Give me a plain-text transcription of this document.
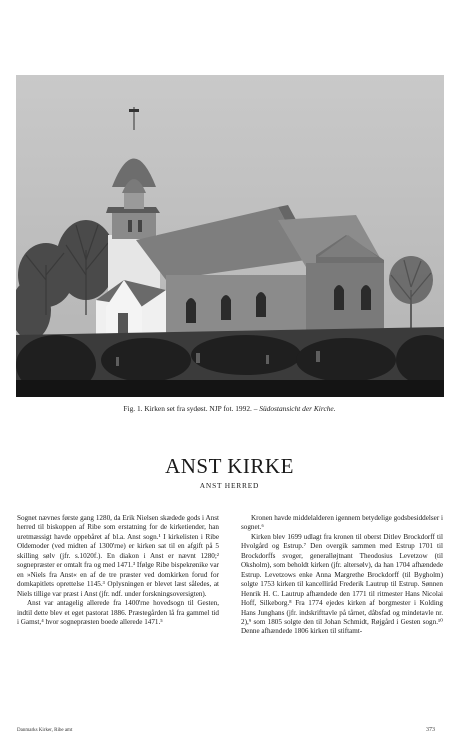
Fig. 1. Kirken set fra sydøst. NJP fot. 1992. – Südostansicht der Kirche.
ANST KIRKE
ANST HERRED

Sognet nævnes første gang 1280, da Erik Nielsen skædede gods i Anst herred til biskoppen af Ribe som erstatning for de kirketiender, han uretmæssigt havde oppebåret af bl.a. Anst sogn.¹ I kirkelisten i Ribe Oldemoder (ved midten af 1300'rne) er kirken sat til en afgift på 5 skilling sølv (jfr. s.1020f.). En diakon i Anst er nævnt 1280;² sognepræster er omtalt fra og med 1471.³ Ifølge Ribe bispekrønike var en »Niels fra Anst« en af de tre præster ved domkirken forud for domkapitlets oprettelse 1145.³ Oplysningen er blevet læst således, at Niels tillige var præst i Anst (jfr. ndf. under forskningsoversigten).

Anst var antagelig allerede fra 1400'rne hovedsogn til Gesten, indtil dette blev et eget pastorat 1886. Præstegården lå fra gammel tid i Gamst,⁴ hvor sognepræsten boede allerede 1471.⁵

Kronen havde middelalderen igennem betydelige godsbesiddelser i sognet.⁶

Kirken blev 1699 udlagt fra kronen til oberst Ditlev Brockdorff til Hvolgård og Estrup.⁷ Den overgik sammen med Estrup 1701 til Brockdorffs svoger, generalløjtnant Theodosius Levetzow (til Oksholm), som beholdt kirken (jfr. altersølv), da han 1704 afhændede Estrup. Levetzows enke Anna Margrethe Brockdorff (til Bygholm) solgte 1753 kirken til kancelliråd Frederik Lautrup til Estrup. Sønnen Henrik H. C. Lautrup afhændede den 1771 til ritmester Hans Nicolai Hoff, Silkeborg.⁸ Fra 1774 ejedes kirken af borgmester i Kolding Hans Junghans (jfr. indskrifttavle på tårnet, dåbsfad og mindetavle nr. 2),⁹ som 1805 solgte den til Johan Schmidt, Røjgård i Gesten sogn.¹⁰ Denne afhændede 1806 kirken til stiftamt-

Danmarks Kirker, Ribe amt	373
